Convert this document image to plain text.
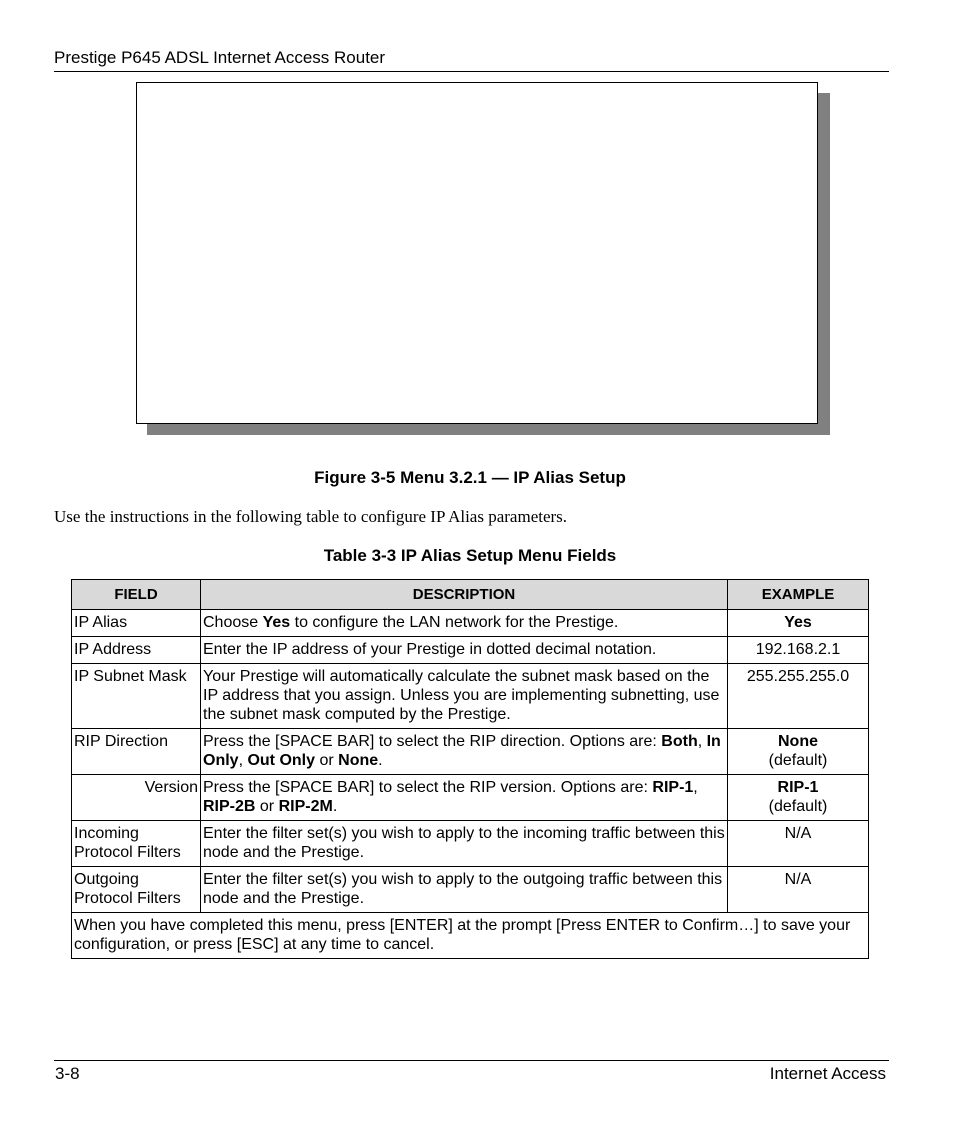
Prestige P645 ADSL Internet Access Router
Figure 3-5 Menu 3.2.1 — IP Alias Setup
Use the instructions in the following table to configure IP Alias parameters.
Table 3-3 IP Alias Setup Menu Fields
FIELD	DESCRIPTION	EXAMPLE
IP Alias	Choose Yes to configure the LAN network for the Prestige.	Yes
IP Address	Enter the IP address of your Prestige in dotted decimal notation.	192.168.2.1
IP Subnet Mask	Your Prestige will automatically calculate the subnet mask based on the IP address that you assign. Unless you are implementing subnetting, use the subnet mask computed by the Prestige.	255.255.255.0
RIP Direction	Press the [SPACE BAR] to select the RIP direction. Options are: Both, In Only, Out Only or None.	None
(default)
Version	Press the [SPACE BAR] to select the RIP version. Options are: RIP-1, RIP-2B or RIP-2M.	RIP-1
(default)
Incoming Protocol Filters	Enter the filter set(s) you wish to apply to the incoming traffic between this node and the Prestige.	N/A
Outgoing Protocol Filters	Enter the filter set(s) you wish to apply to the outgoing traffic between this node and the Prestige.	N/A
When you have completed this menu, press [ENTER] at the prompt [Press ENTER to Confirm…] to save your configuration, or press [ESC] at any time to cancel.		
3-8	Internet Access
